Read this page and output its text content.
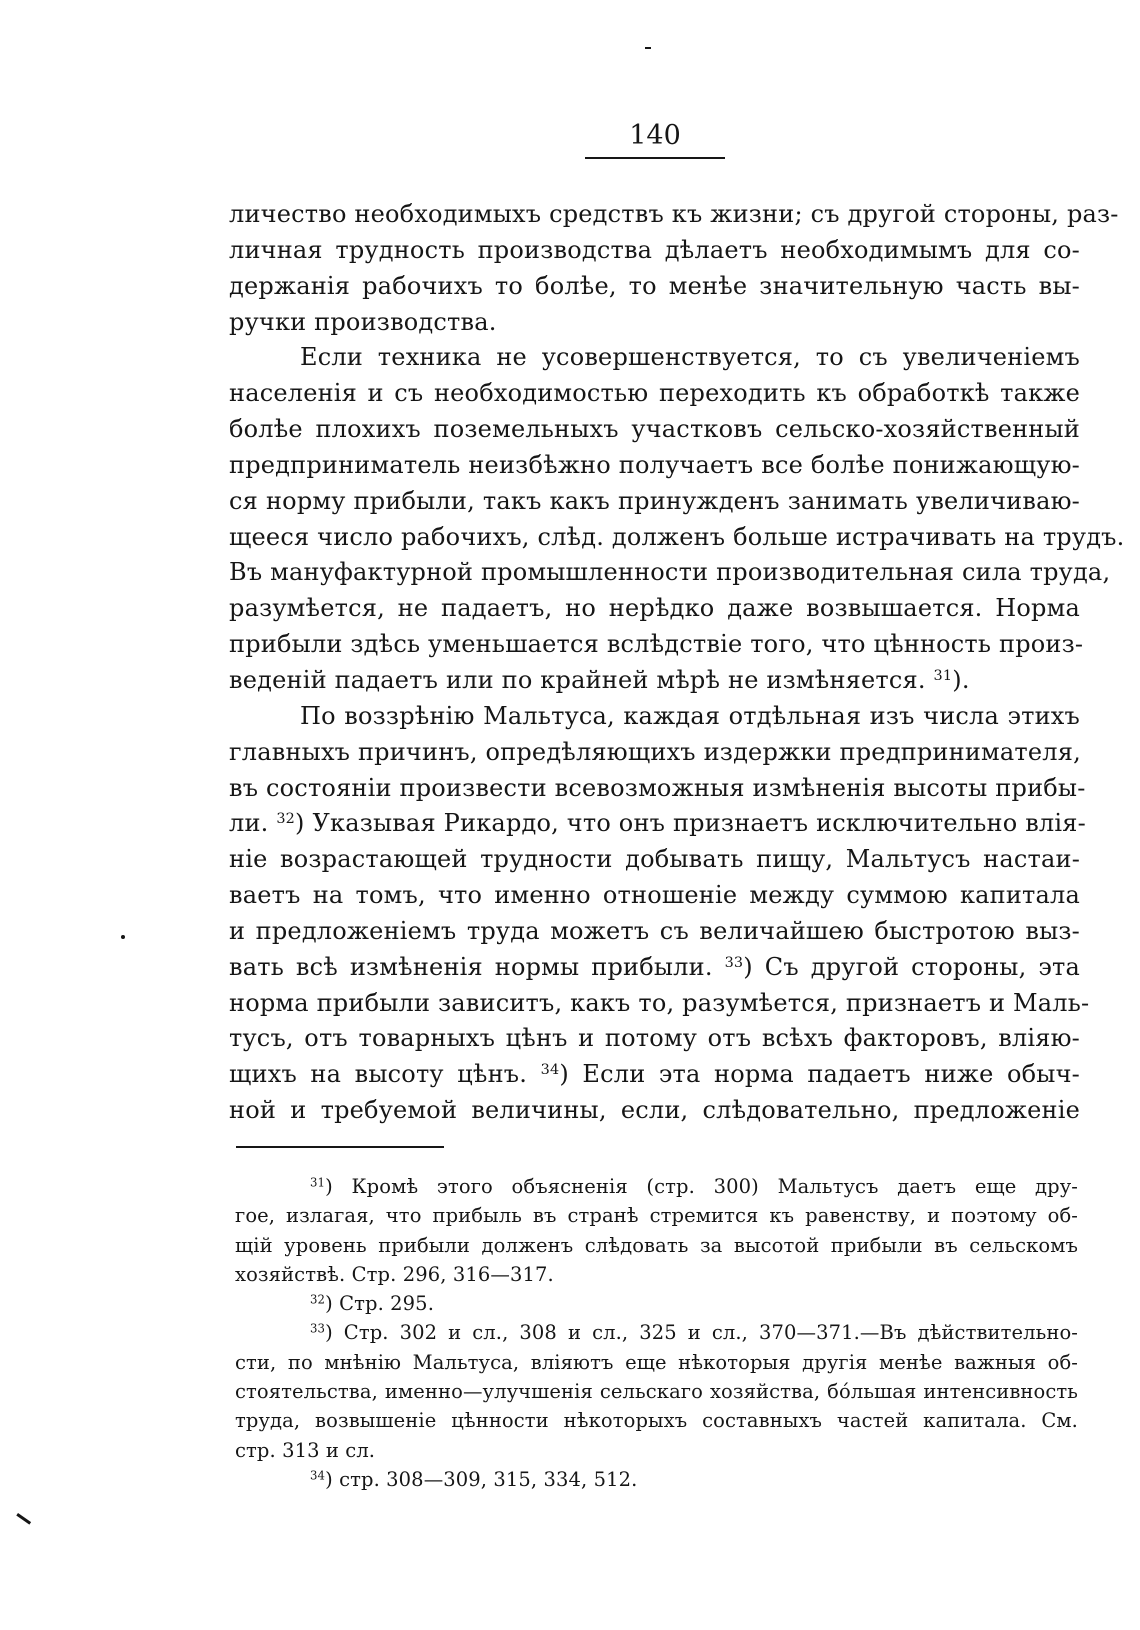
140
личество необходимыхъ средствъ къ жизни; съ другой стороны, раз-
личная трудность производства дѣлаетъ необходимымъ для со-
держанія рабочихъ то болѣе, то менѣе значительную часть вы-
ручки производства.
Если техника не усовершенствуется, то съ увеличеніемъ
населенія и съ необходимостью переходить къ обработкѣ также
болѣе плохихъ поземельныхъ участковъ сельско-хозяйственный
предприниматель неизбѣжно получаетъ все болѣе понижающую-
ся норму прибыли, такъ какъ принужденъ занимать увеличиваю-
щееся число рабочихъ, слѣд. долженъ больше истрачивать на трудъ.
Въ мануфактурной промышленности производительная сила труда,
разумѣется, не падаетъ, но нерѣдко даже возвышается. Норма
прибыли здѣсь уменьшается вслѣдствіе того, что цѣнность произ-
веденій падаетъ или по крайней мѣрѣ не измѣняется. $^{31}$).
По воззрѣнію Мальтуса, каждая отдѣльная изъ числа этихъ
главныхъ причинъ, опредѣляющихъ издержки предпринимателя,
въ состояніи произвести всевозможныя измѣненія высоты прибы-
ли. $^{32}$) Указывая Рикардо, что онъ признаетъ исключительно влія-
ніе возрастающей трудности добывать пищу, Мальтусъ настаи-
ваетъ на томъ, что именно отношеніе между суммою капитала
и предложеніемъ труда можетъ съ величайшею быстротою выз-
вать всѣ измѣненія нормы прибыли. $^{33}$) Съ другой стороны, эта
норма прибыли зависитъ, какъ то, разумѣется, признаетъ и Маль-
тусъ, отъ товарныхъ цѣнъ и потому отъ всѣхъ факторовъ, вліяю-
щихъ на высоту цѣнъ. $^{34}$) Если эта норма падаетъ ниже обыч-
ной и требуемой величины, если, слѣдовательно, предложеніе
$^{31}$) Кромѣ этого объясненія (стр. 300) Мальтусъ даетъ еще дру-
гое, излагая, что прибыль въ странѣ стремится къ равенству, и поэтому об-
щій уровень прибыли долженъ слѣдовать за высотой прибыли въ сельскомъ
хозяйствѣ. Стр. 296, 316—317.
$^{32}$) Стр. 295.
$^{33}$) Стр. 302 и сл., 308 и сл., 325 и сл., 370—371.—Въ дѣйствительно-
сти, по мнѣнію Мальтуса, вліяютъ еще нѣкоторыя другія менѣе важныя об-
стоятельства, именно—улучшенія сельскаго хозяйства, бо́льшая интенсивность
труда, возвышеніе цѣнности нѣкоторыхъ составныхъ частей капитала. См.
стр. 313 и сл.
$^{34}$) стр. 308—309, 315, 334, 512.
